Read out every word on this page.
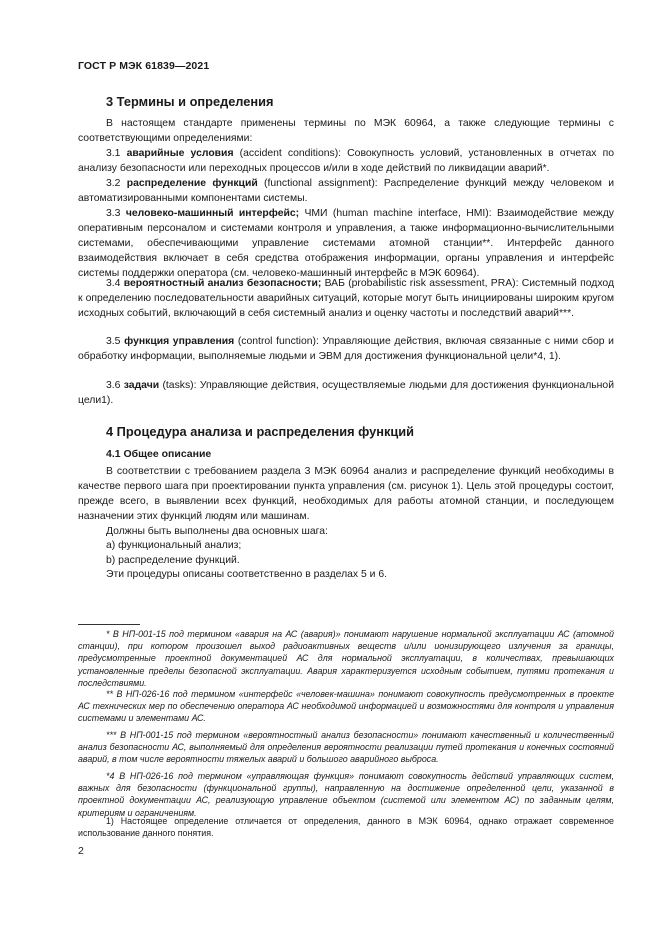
ГОСТ Р МЭК 61839—2021
3 Термины и определения

В настоящем стандарте применены термины по МЭК 60964, а также следующие термины с соответствующими определениями:

3.1 аварийные условия (accident conditions): Совокупность условий, установленных в отчетах по анализу безопасности или переходных процессов и/или в ходе действий по ликвидации аварий*.

3.2 распределение функций (functional assignment): Распределение функций между человеком и автоматизированными компонентами системы.

3.3 человеко-машинный интерфейс; ЧМИ (human machine interface, HMI): Взаимодействие между оперативным персоналом и системами контроля и управления, а также информационно-вычислительными системами, обеспечивающими управление системами атомной станции**. Интерфейс данного взаимодействия включает в себя средства отображения информации, органы управления и интерфейс системы поддержки оператора (см. человеко-машинный интерфейс в МЭК 60964).

3.4 вероятностный анализ безопасности; ВАБ (probabilistic risk assessment, PRA): Системный подход к определению последовательности аварийных ситуаций, которые могут быть инициированы широким кругом исходных событий, включающий в себя системный анализ и оценку частоты и последствий аварий***.

3.5 функция управления (control function): Управляющие действия, включая связанные с ними сбор и обработку информации, выполняемые людьми и ЭВМ для достижения функциональной цели*4, 1).

3.6 задачи (tasks): Управляющие действия, осуществляемые людьми для достижения функциональной цели1).

4 Процедура анализа и распределения функций
4.1 Общее описание

В соответствии с требованием раздела 3 МЭК 60964 анализ и распределение функций необходимы в качестве первого шага при проектировании пункта управления (см. рисунок 1). Цель этой процедуры состоит, прежде всего, в выявлении всех функций, необходимых для работы атомной станции, и последующем назначении этих функций людям или машинам.

Должны быть выполнены два основных шага:

a) функциональный анализ;
b) распределение функций.

Эти процедуры описаны соответственно в разделах 5 и 6.

* В НП-001-15 под термином «авария на АС (авария)» понимают нарушение нормальной эксплуатации АС (атомной станции), при котором произошел выход радиоактивных веществ и/или ионизирующего излучения за границы, предусмотренные проектной документацией АС для нормальной эксплуатации, в количествах, превышающих установленные пределы безопасной эксплуатации. Авария характеризуется исходным событием, путями протекания и последствиями.

** В НП-026-16 под термином «интерфейс «человек-машина» понимают совокупность предусмотренных в проекте АС технических мер по обеспечению оператора АС необходимой информацией и возможностями для контроля и управления системами и элементами АС.

*** В НП-001-15 под термином «вероятностный анализ безопасности» понимают качественный и количественный анализ безопасности АС, выполняемый для определения вероятности реализации путей протекания и конечных состояний аварий, в том числе вероятности тяжелых аварий и большого аварийного выброса.

*4 В НП-026-16 под термином «управляющая функция» понимают совокупность действий управляющих систем, важных для безопасности (функциональной группы), направленную на достижение определенной цели, указанной в проектной документации АС, реализующую управление объектом (системой или элементом АС) по заданным целям, критериям и ограничениям.

1) Настоящее определение отличается от определения, данного в МЭК 60964, однако отражает современное использование данного понятия.

2
